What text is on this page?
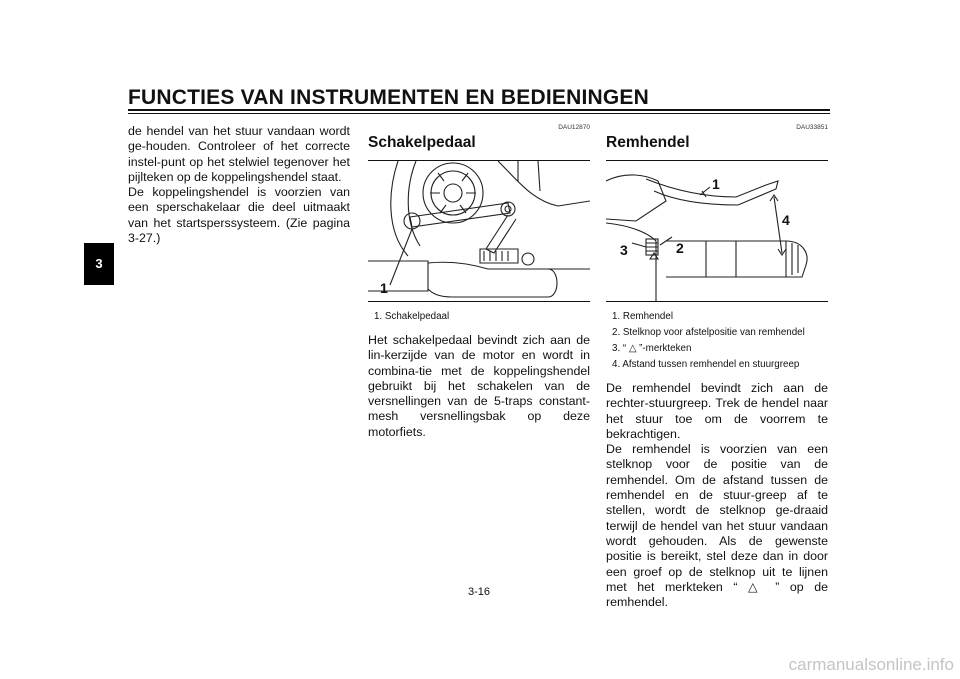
FUNCTIES VAN INSTRUMENTEN EN BEDIENINGEN
3

de hendel van het stuur vandaan wordt ge-houden. Controleer of het correcte instel-punt op het stelwiel tegenover het pijlteken op de koppelingshendel staat.

De koppelingshendel is voorzien van een sperschakelaar die deel uitmaakt van het startsperssysteem. (Zie pagina 3-27.)

DAU12870

Schakelpedaal
1
1. Schakelpedaal

Het schakelpedaal bevindt zich aan de lin-kerzijde van de motor en wordt in combina-tie met de koppelingshendel gebruikt bij het schakelen van de versnellingen van de 5-traps constant-mesh versnellingsbak op deze motorfiets.

DAU33851

Remhendel
1
2
3
4
1. Remhendel
2. Stelknop voor afstelpositie van remhendel
3. “ △ ”-merkteken
4. Afstand tussen remhendel en stuurgreep

De remhendel bevindt zich aan de rechter-stuurgreep. Trek de hendel naar het stuur toe om de voorrem te bekrachtigen.

De remhendel is voorzien van een stelknop voor de positie van de remhendel. Om de afstand tussen de remhendel en de stuur-greep af te stellen, wordt de stelknop ge-draaid terwijl de hendel van het stuur vandaan wordt gehouden. Als de gewenste positie is bereikt, stel deze dan in door een groef op de stelknop uit te lijnen met het merkteken “ △ ” op de remhendel.

3-16
carmanualsonline.info
